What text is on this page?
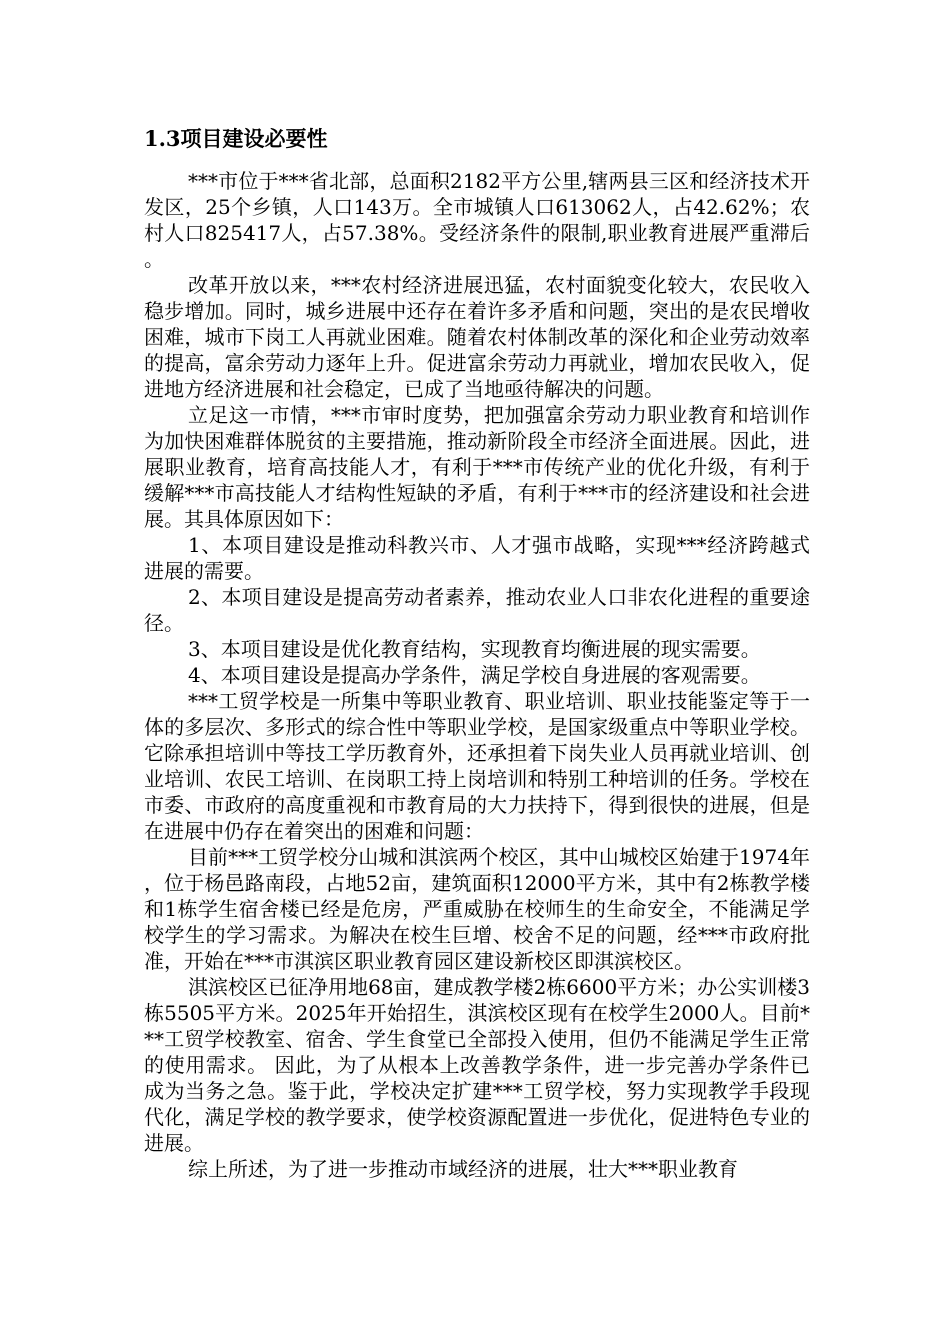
1.3项目建设必要性

***市位于***省北部，总面积2182平方公里,辖两县三区和经济技术开发区，25个乡镇，人口143万。全市城镇人口613062人，占42.62%；农村人口825417人，占57.38%。受经济条件的限制,职业教育进展严重滞后。

改革开放以来，***农村经济进展迅猛，农村面貌变化较大，农民收入稳步增加。同时，城乡进展中还存在着许多矛盾和问题，突出的是农民增收困难，城市下岗工人再就业困难。随着农村体制改革的深化和企业劳动效率的提高，富余劳动力逐年上升。促进富余劳动力再就业，增加农民收入，促进地方经济进展和社会稳定，已成了当地亟待解决的问题。

立足这一市情，***市审时度势，把加强富余劳动力职业教育和培训作为加快困难群体脱贫的主要措施，推动新阶段全市经济全面进展。因此，进展职业教育，培育高技能人才，有利于***市传统产业的优化升级，有利于缓解***市高技能人才结构性短缺的矛盾，有利于***市的经济建设和社会进展。其具体原因如下：

1、本项目建设是推动科教兴市、人才强市战略，实现***经济跨越式进展的需要。

2、本项目建设是提高劳动者素养，推动农业人口非农化进程的重要途径。

3、本项目建设是优化教育结构，实现教育均衡进展的现实需要。

4、本项目建设是提高办学条件，满足学校自身进展的客观需要。

***工贸学校是一所集中等职业教育、职业培训、职业技能鉴定等于一体的多层次、多形式的综合性中等职业学校，是国家级重点中等职业学校。它除承担培训中等技工学历教育外，还承担着下岗失业人员再就业培训、创业培训、农民工培训、在岗职工持上岗培训和特别工种培训的任务。学校在市委、市政府的高度重视和市教育局的大力扶持下，得到很快的进展，但是在进展中仍存在着突出的困难和问题：

目前***工贸学校分山城和淇滨两个校区，其中山城校区始建于1974年，位于杨邑路南段，占地52亩，建筑面积12000平方米，其中有2栋教学楼和1栋学生宿舍楼已经是危房，严重威胁在校师生的生命安全，不能满足学校学生的学习需求。为解决在校生巨增、校舍不足的问题，经***市政府批准，开始在***市淇滨区职业教育园区建设新校区即淇滨校区。

淇滨校区已征净用地68亩，建成教学楼2栋6600平方米；办公实训楼3栋5505平方米。2025年开始招生，淇滨校区现有在校学生2000人。目前***工贸学校教室、宿舍、学生食堂已全部投入使用，但仍不能满足学生正常的使用需求。 因此，为了从根本上改善教学条件，进一步完善办学条件已成为当务之急。鉴于此，学校决定扩建***工贸学校，努力实现教学手段现代化，满足学校的教学要求，使学校资源配置进一步优化，促进特色专业的进展。

综上所述，为了进一步推动市域经济的进展，壮大***职业教育
